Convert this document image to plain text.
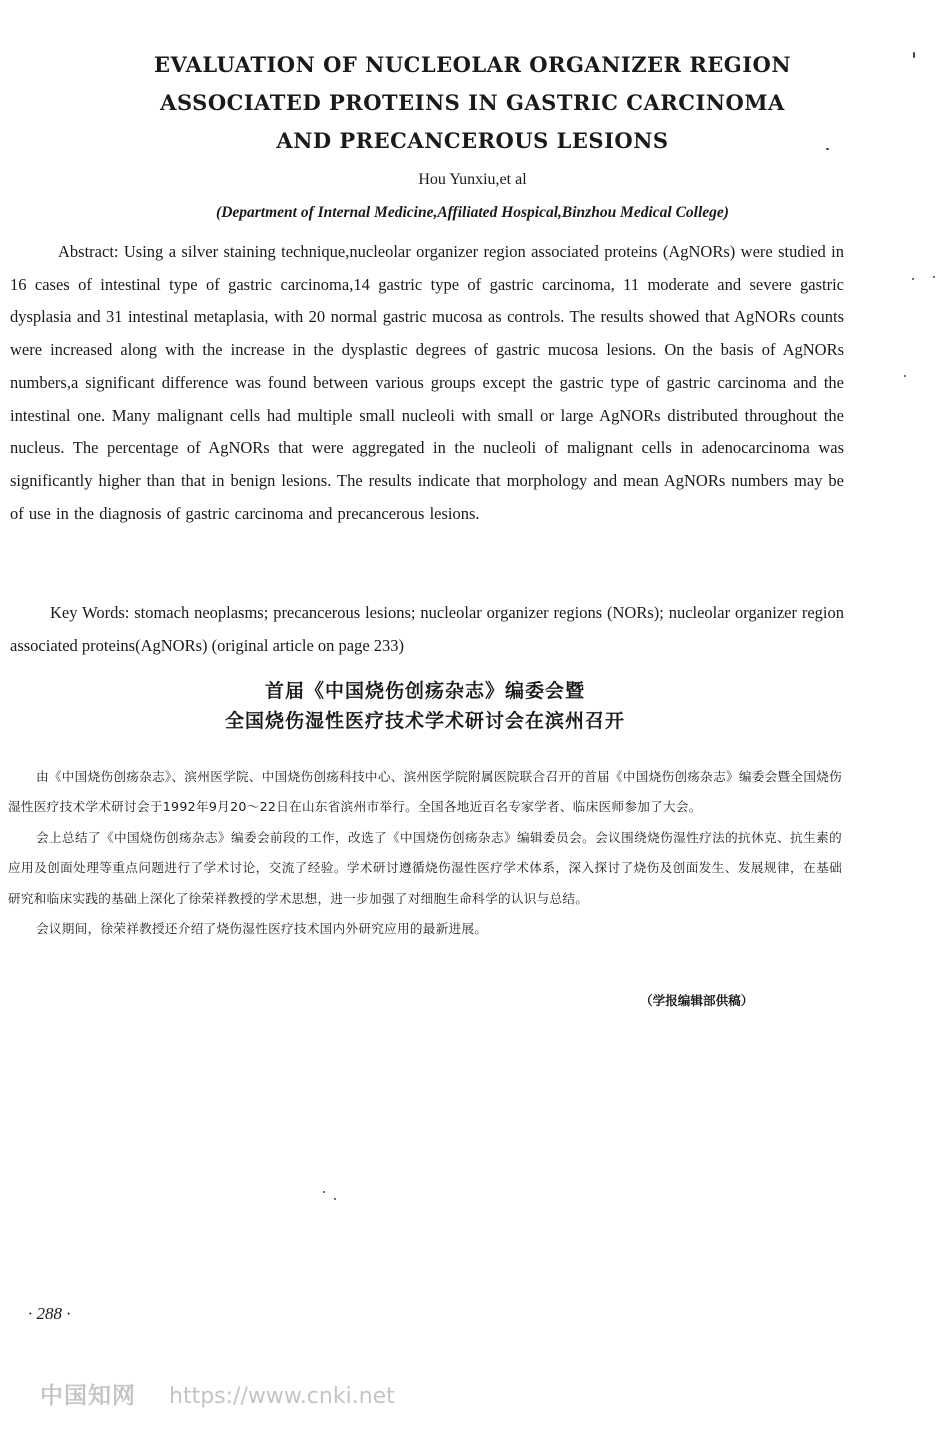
EVALUATION OF NUCLEOLAR ORGANIZER REGION
ASSOCIATED PROTEINS IN GASTRIC CARCINOMA
AND PRECANCEROUS LESIONS
Hou Yunxiu,et al
(Department of Internal Medicine,Affiliated Hospical,Binzhou Medical College)
Abstract: Using a silver staining technique,nucleolar organizer region associated proteins (AgNORs) were studied in 16 cases of intestinal type of gastric carcinoma,14 gastric type of gastric carcinoma, 11 moderate and severe gastric dysplasia and 31 intestinal metaplasia, with 20 normal gastric mucosa as controls. The results showed that AgNORs counts were increased along with the increase in the dysplastic degrees of gastric mucosa lesions. On the basis of AgNORs numbers,a significant difference was found between various groups except the gastric type of gastric carcinoma and the intestinal one. Many malignant cells had multiple small nucleoli with small or large AgNORs distributed throughout the nucleus. The percentage of AgNORs that were aggregated in the nucleoli of malignant cells in adenocarcinoma was significantly higher than that in benign lesions. The results indicate that morphology and mean AgNORs numbers may be of use in the diagnosis of gastric carcinoma and precancerous lesions.
Key Words: stomach neoplasms; precancerous lesions; nucleolar organizer regions (NORs); nucleolar organizer region associated proteins(AgNORs) (original article on page 233)
首届《中国烧伤创疡杂志》编委会暨
全国烧伤湿性医疗技术学术研讨会在滨州召开

由《中国烧伤创疡杂志》、滨州医学院、中国烧伤创疡科技中心、滨州医学院附属医院联合召开的首届《中国烧伤创疡杂志》编委会暨全国烧伤湿性医疗技术学术研讨会于1992年9月20～22日在山东省滨州市举行。全国各地近百名专家学者、临床医师参加了大会。

会上总结了《中国烧伤创疡杂志》编委会前段的工作，改选了《中国烧伤创疡杂志》编辑委员会。会议围绕烧伤湿性疗法的抗休克、抗生素的应用及创面处理等重点问题进行了学术讨论，交流了经验。学术研讨遵循烧伤湿性医疗学术体系，深入探讨了烧伤及创面发生、发展规律，在基础研究和临床实践的基础上深化了徐荣祥教授的学术思想，进一步加强了对细胞生命科学的认识与总结。

会议期间，徐荣祥教授还介绍了烧伤湿性医疗技术国内外研究应用的最新进展。

（学报编辑部供稿）
· 288 ·
中国知网 https://www.cnki.net
